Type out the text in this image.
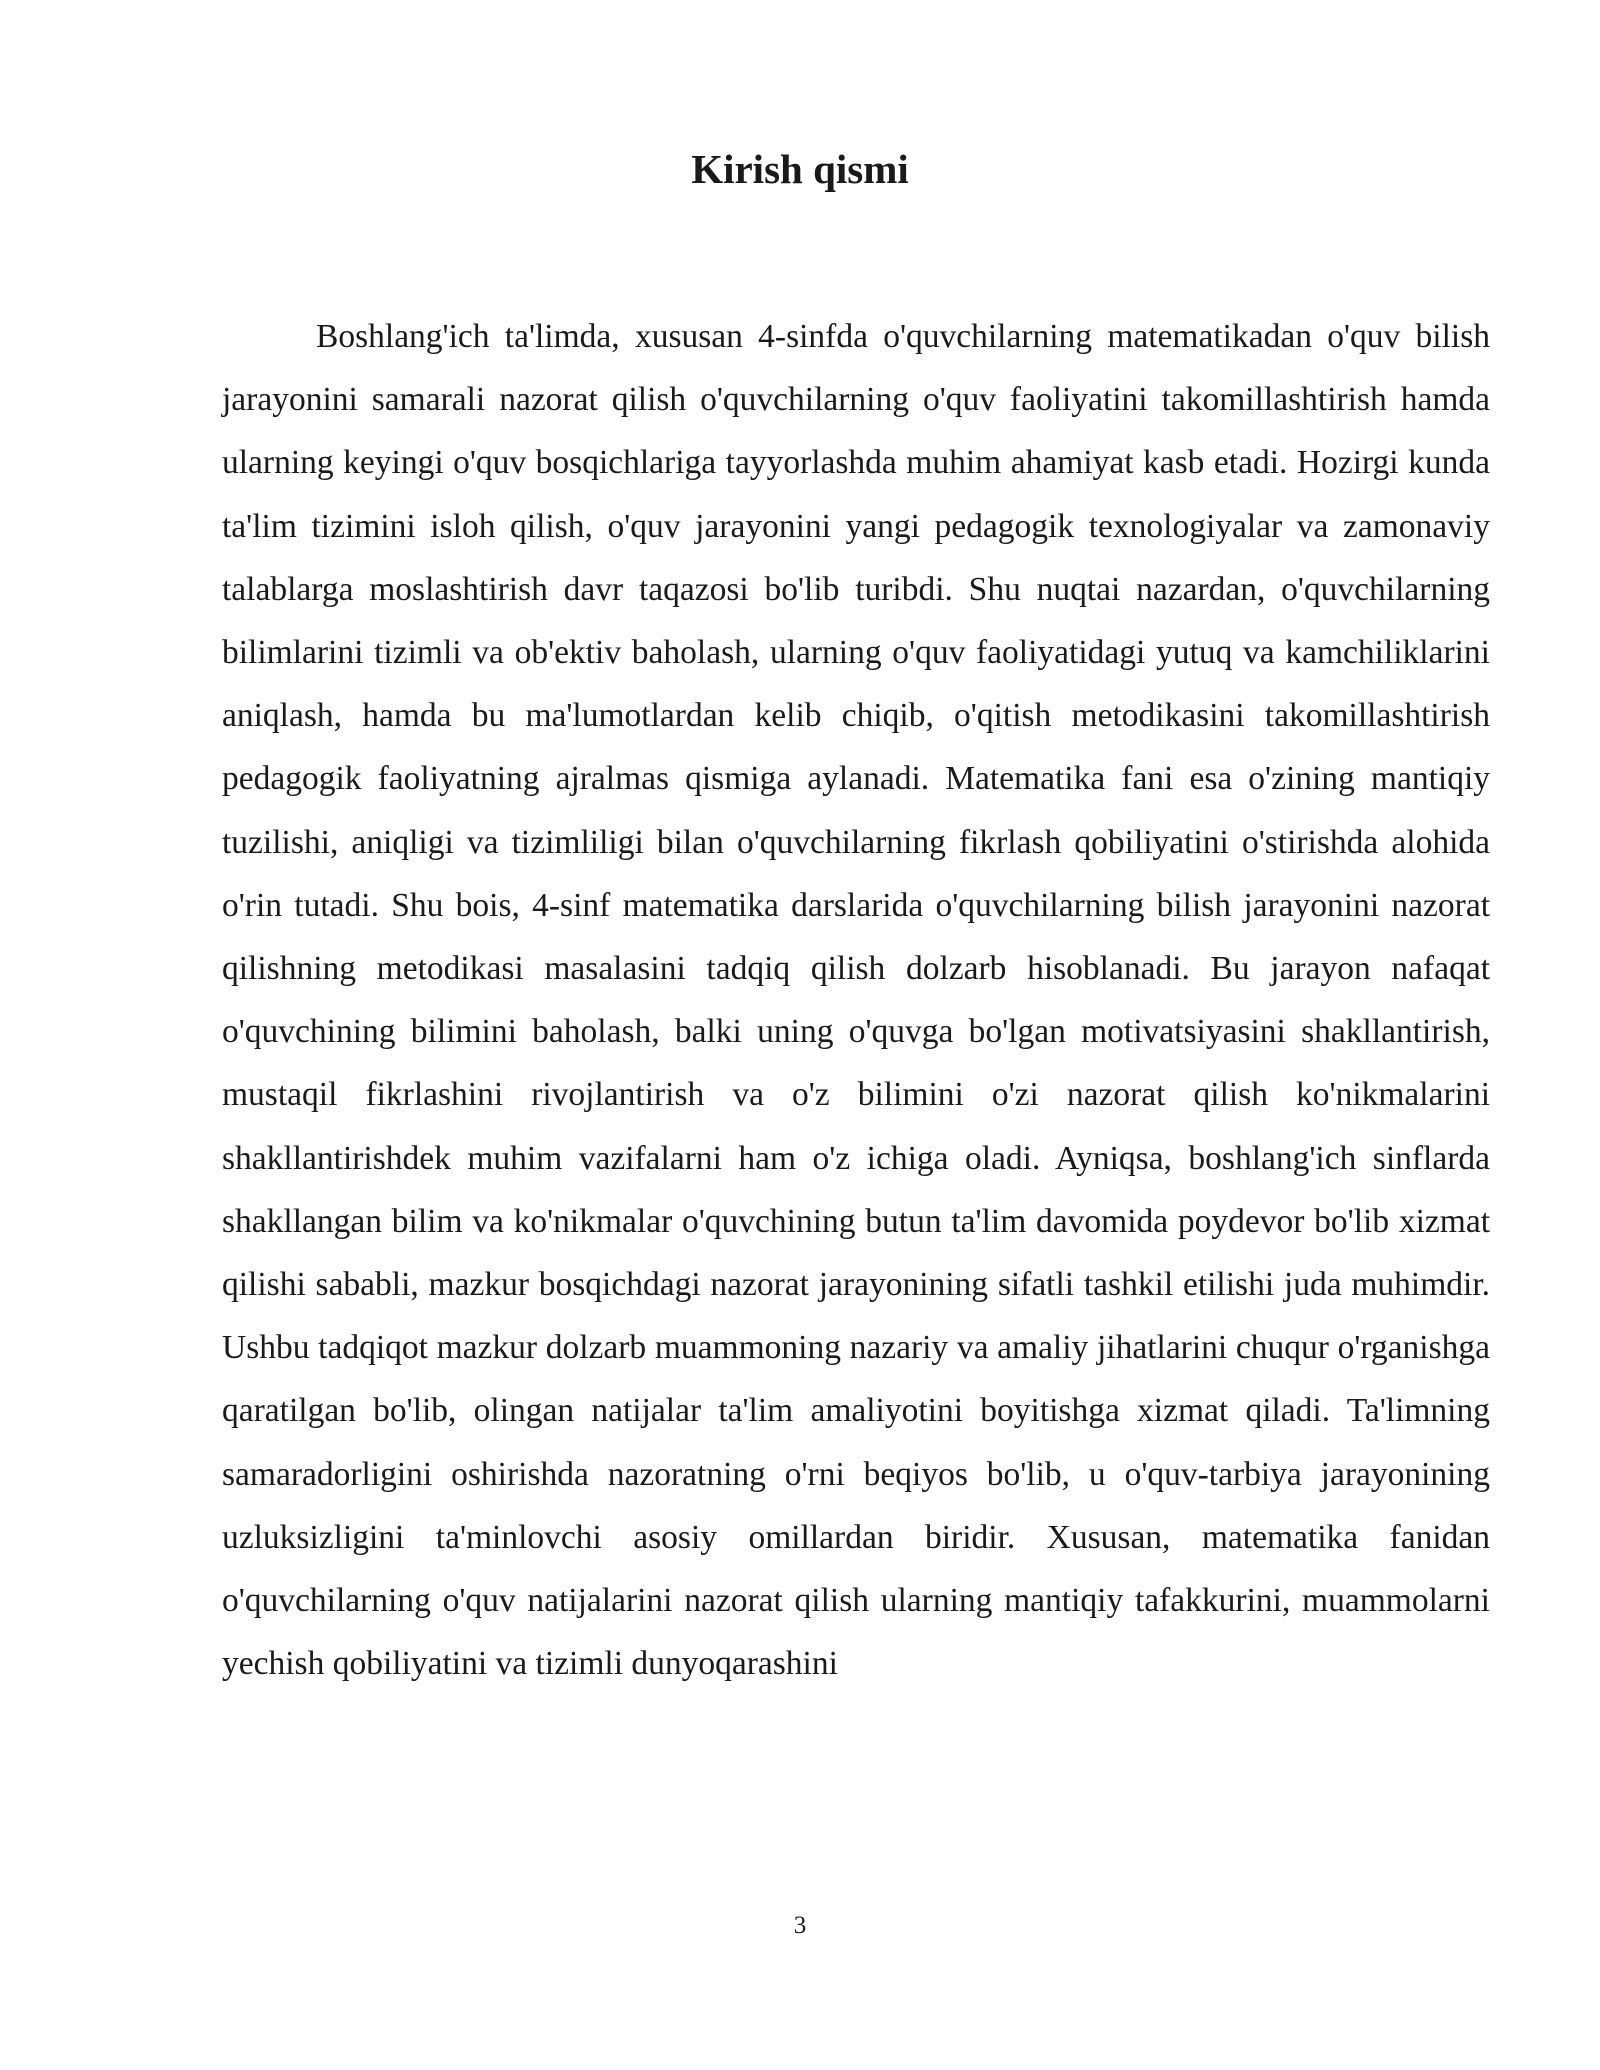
Kirish qismi

Boshlang'ich ta'limda, xususan 4-sinfda o'quvchilarning matematikadan o'quv bilish jarayonini samarali nazorat qilish o'quvchilarning o'quv faoliyatini takomillashtirish hamda ularning keyingi o'quv bosqichlariga tayyorlashda muhim ahamiyat kasb etadi. Hozirgi kunda ta'lim tizimini isloh qilish, o'quv jarayonini yangi pedagogik texnologiyalar va zamonaviy talablarga moslashtirish davr taqazosi bo'lib turibdi. Shu nuqtai nazardan, o'quvchilarning bilimlarini tizimli va ob'ektiv baholash, ularning o'quv faoliyatidagi yutuq va kamchiliklarini aniqlash, hamda bu ma'lumotlardan kelib chiqib, o'qitish metodikasini takomillashtirish pedagogik faoliyatning ajralmas qismiga aylanadi. Matematika fani esa o'zining mantiqiy tuzilishi, aniqligi va tizimliligi bilan o'quvchilarning fikrlash qobiliyatini o'stirishda alohida o'rin tutadi. Shu bois, 4-sinf matematika darslarida o'quvchilarning bilish jarayonini nazorat qilishning metodikasi masalasini tadqiq qilish dolzarb hisoblanadi. Bu jarayon nafaqat o'quvchining bilimini baholash, balki uning o'quvga bo'lgan motivatsiyasini shakllantirish, mustaqil fikrlashini rivojlantirish va o'z bilimini o'zi nazorat qilish ko'nikmalarini shakllantirishdek muhim vazifalarni ham o'z ichiga oladi. Ayniqsa, boshlang'ich sinflarda shakllangan bilim va ko'nikmalar o'quvchining butun ta'lim davomida poydevor bo'lib xizmat qilishi sababli, mazkur bosqichdagi nazorat jarayonining sifatli tashkil etilishi juda muhimdir. Ushbu tadqiqot mazkur dolzarb muammoning nazariy va amaliy jihatlarini chuqur o'rganishga qaratilgan bo'lib, olingan natijalar ta'lim amaliyotini boyitishga xizmat qiladi. Ta'limning samaradorligini oshirishda nazoratning o'rni beqiyos bo'lib, u o'quv-tarbiya jarayonining uzluksizligini ta'minlovchi asosiy omillardan biridir. Xususan, matematika fanidan o'quvchilarning o'quv natijalarini nazorat qilish ularning mantiqiy tafakkurini, muammolarni yechish qobiliyatini va tizimli dunyoqarashini

3
